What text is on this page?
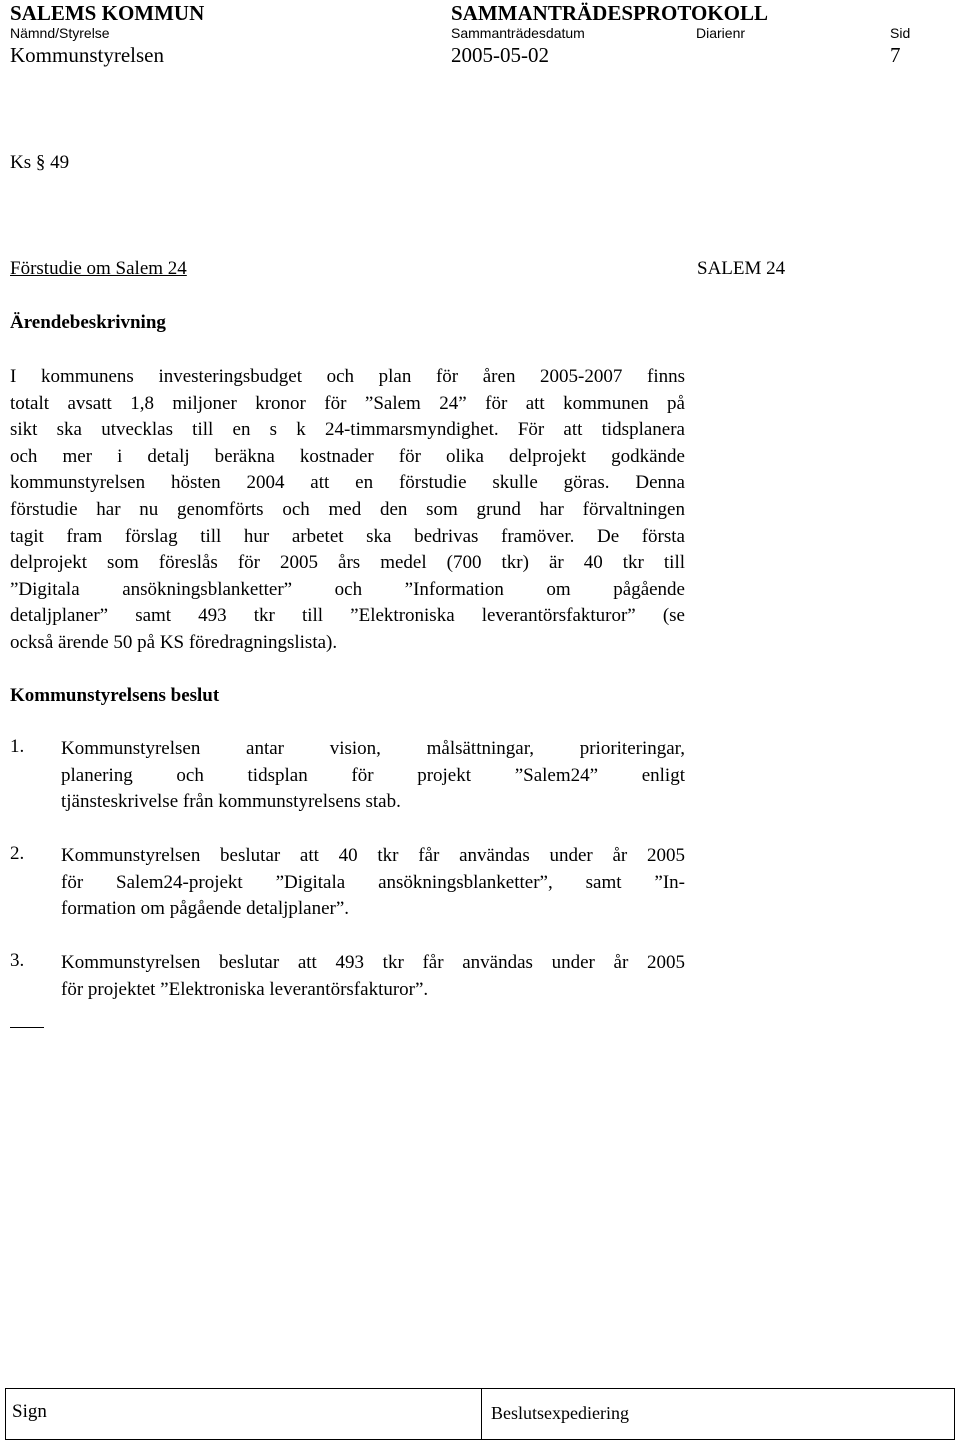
SALEMS KOMMUN	SAMMANTRÄDESPROTOKOLL
Nämnd/Styrelse	Sammanträdesdatum	Diarienr	Sid
Kommunstyrelsen	2005-05-02	7
Ks § 49
Förstudie om Salem 24	SALEM 24
Ärendebeskrivning
I kommunens investeringsbudget och plan för åren 2005-2007 finns
totalt avsatt 1,8 miljoner kronor för ”Salem 24” för att kommunen på
sikt ska utvecklas till en s k 24-timmarsmyndighet. För att tidsplanera
och mer i detalj beräkna kostnader för olika delprojekt godkände
kommunstyrelsen hösten 2004 att en förstudie skulle göras. Denna
förstudie har nu genomförts och med den som grund har förvaltningen
tagit fram förslag till hur arbetet ska bedrivas framöver. De första
delprojekt som föreslås för 2005 års medel (700 tkr) är 40 tkr till
”Digitala ansökningsblanketter” och ”Information om pågående
detaljplaner” samt 493 tkr till ”Elektroniska leverantörsfakturor” (se
också ärende 50 på KS föredragningslista).
Kommunstyrelsens beslut
1. Kommunstyrelsen antar vision, målsättningar, prioriteringar,
planering och tidsplan för projekt ”Salem24” enligt
tjänsteskrivelse från kommunstyrelsens stab.
2. Kommunstyrelsen beslutar att 40 tkr får användas under år 2005
för Salem24-projekt ”Digitala ansökningsblanketter”, samt ”In-
formation om pågående detaljplaner”.
3. Kommunstyrelsen beslutar att 493 tkr får användas under år 2005
för projektet ”Elektroniska leverantörsfakturor”.
Sign	Beslutsexpediering
